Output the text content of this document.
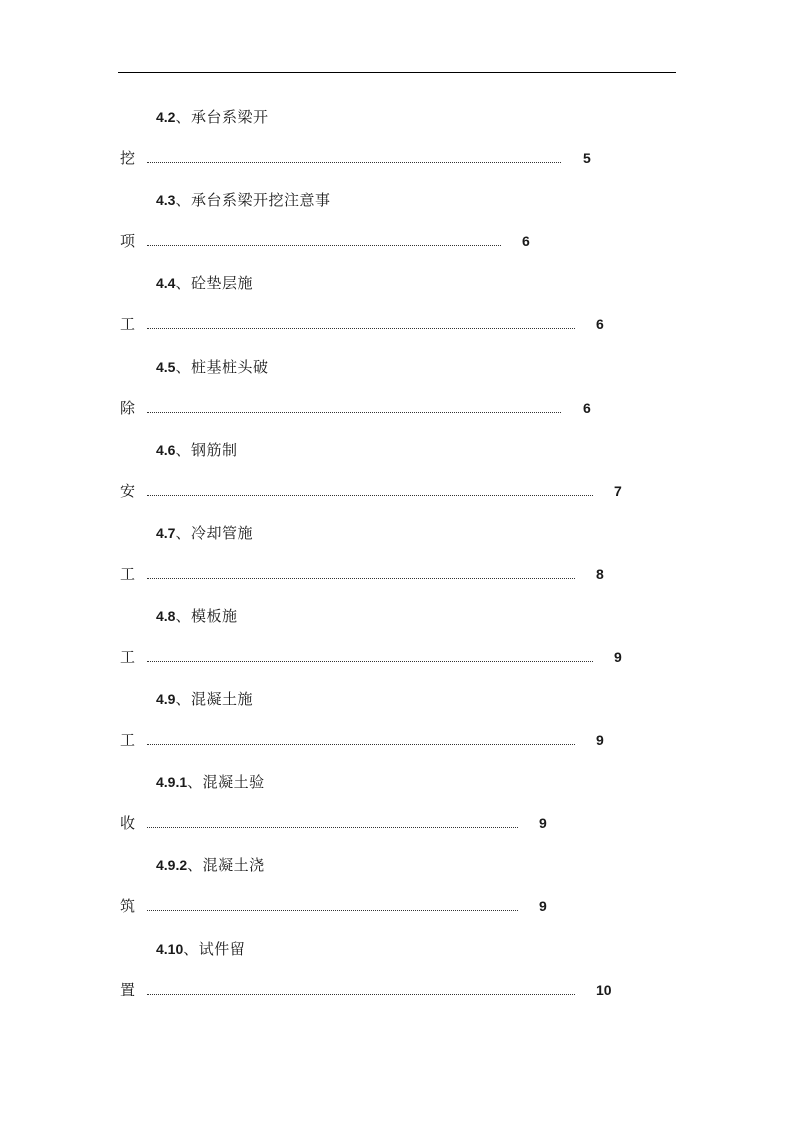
4.2、承台系梁开
挖	5
4.3、承台系梁开挖注意事
项	6
4.4、砼垫层施
工	6
4.5、桩基桩头破
除	6
4.6、钢筋制
安	7
4.7、冷却管施
工	8
4.8、模板施
工	9
4.9、混凝土施
工	9
4.9.1、混凝土验
收	9
4.9.2、混凝土浇
筑	9
4.10、试件留
置	10
